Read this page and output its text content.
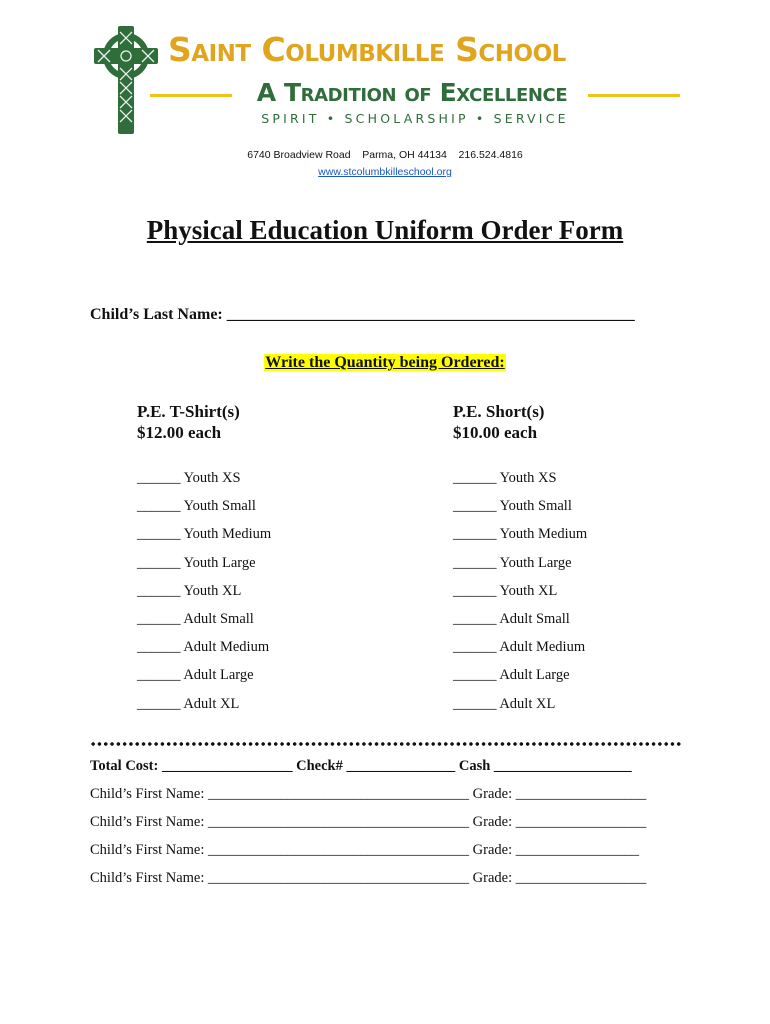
Saint Columbkille School
A Tradition of Excellence
SPIRIT • SCHOLARSHIP • SERVICE
6740 Broadview Road    Parma, OH 44134    216.524.4816
www.stcolumbkilleschool.org
Physical Education Uniform Order Form
Child’s Last Name: ___________________________________________________
Write the Quantity being Ordered:
P.E. T-Shirt(s)
$12.00 each
P.E. Short(s)
$10.00 each
______ Youth XS
______ Youth Small
______ Youth Medium
______ Youth Large
______ Youth XL
______ Adult Small
______ Adult Medium
______ Adult Large
______ Adult XL
______ Youth XS
______ Youth Small
______ Youth Medium
______ Youth Large
______ Youth XL
______ Adult Small
______ Adult Medium
______ Adult Large
______ Adult XL
Total Cost: __________________ Check# _______________ Cash ___________________
Child’s First Name: ____________________________________ Grade: __________________
Child’s First Name: ____________________________________ Grade: __________________
Child’s First Name: ____________________________________ Grade: _________________
Child’s First Name: ____________________________________ Grade: __________________
